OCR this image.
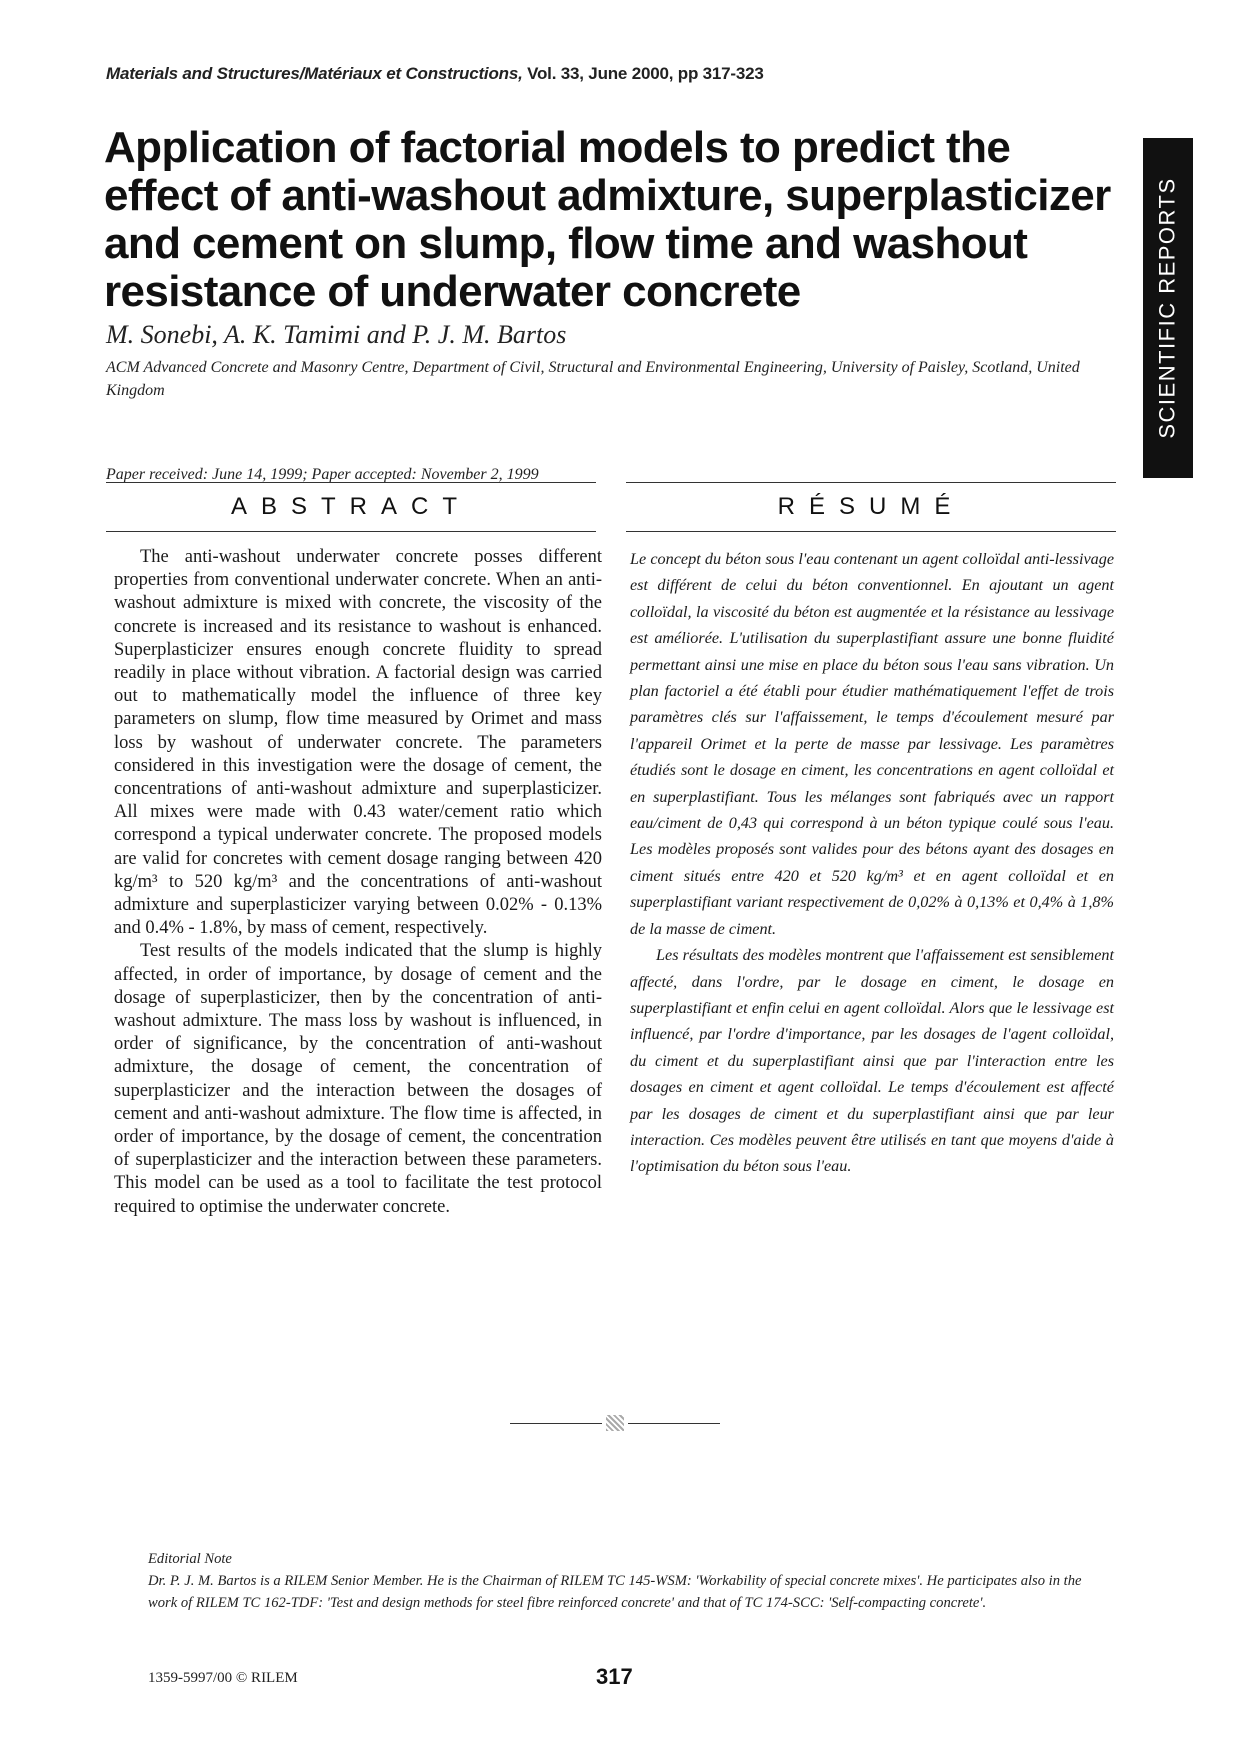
Materials and Structures/Matériaux et Constructions, Vol. 33, June 2000, pp 317-323
SCIENTIFIC REPORTS
Application of factorial models to predict the effect of anti-washout admixture, superplasticizer and cement on slump, flow time and washout resistance of underwater concrete
M. Sonebi, A. K. Tamimi and P. J. M. Bartos
ACM Advanced Concrete and Masonry Centre, Department of Civil, Structural and Environmental Engineering, University of Paisley, Scotland, United Kingdom
Paper received: June 14, 1999; Paper accepted: November 2, 1999
ABSTRACT	RÉSUMÉ

The anti-washout underwater concrete posses different properties from conventional underwater concrete. When an anti-washout admixture is mixed with concrete, the viscosity of the concrete is increased and its resistance to washout is enhanced. Superplasticizer ensures enough concrete fluidity to spread readily in place without vibration. A factorial design was carried out to mathematically model the influence of three key parameters on slump, flow time measured by Orimet and mass loss by washout of underwater concrete. The parameters considered in this investigation were the dosage of cement, the concentrations of anti-washout admixture and superplasticizer. All mixes were made with 0.43 water/cement ratio which correspond a typical underwater concrete. The proposed models are valid for concretes with cement dosage ranging between 420 kg/m³ to 520 kg/m³ and the concentrations of anti-washout admixture and superplasticizer varying between 0.02% - 0.13% and 0.4% - 1.8%, by mass of cement, respectively.

Test results of the models indicated that the slump is highly affected, in order of importance, by dosage of cement and the dosage of superplasticizer, then by the concentration of anti-washout admixture. The mass loss by washout is influenced, in order of significance, by the concentration of anti-washout admixture, the dosage of cement, the concentration of superplasticizer and the interaction between the dosages of cement and anti-washout admixture. The flow time is affected, in order of importance, by the dosage of cement, the concentration of superplasticizer and the interaction between these parameters. This model can be used as a tool to facilitate the test protocol required to optimise the underwater concrete.

Le concept du béton sous l'eau contenant un agent colloïdal anti-lessivage est différent de celui du béton conventionnel. En ajoutant un agent colloïdal, la viscosité du béton est augmentée et la résistance au lessivage est améliorée. L'utilisation du superplastifiant assure une bonne fluidité permettant ainsi une mise en place du béton sous l'eau sans vibration. Un plan factoriel a été établi pour étudier mathématiquement l'effet de trois paramètres clés sur l'affaissement, le temps d'écoulement mesuré par l'appareil Orimet et la perte de masse par lessivage. Les paramètres étudiés sont le dosage en ciment, les concentrations en agent colloïdal et en superplastifiant. Tous les mélanges sont fabriqués avec un rapport eau/ciment de 0,43 qui correspond à un béton typique coulé sous l'eau. Les modèles proposés sont valides pour des bétons ayant des dosages en ciment situés entre 420 et 520 kg/m³ et en agent colloïdal et en superplastifiant variant respectivement de 0,02% à 0,13% et 0,4% à 1,8% de la masse de ciment.

Les résultats des modèles montrent que l'affaissement est sensiblement affecté, dans l'ordre, par le dosage en ciment, le dosage en superplastifiant et enfin celui en agent colloïdal. Alors que le lessivage est influencé, par l'ordre d'importance, par les dosages de l'agent colloïdal, du ciment et du superplastifiant ainsi que par l'interaction entre les dosages en ciment et agent colloïdal. Le temps d'écoulement est affecté par les dosages de ciment et du superplastifiant ainsi que par leur interaction. Ces modèles peuvent être utilisés en tant que moyens d'aide à l'optimisation du béton sous l'eau.

Editorial Note
Dr. P. J. M. Bartos is a RILEM Senior Member. He is the Chairman of RILEM TC 145-WSM: 'Workability of special concrete mixes'. He participates also in the work of RILEM TC 162-TDF: 'Test and design methods for steel fibre reinforced concrete' and that of TC 174-SCC: 'Self-compacting concrete'.
1359-5997/00 © RILEM	317
